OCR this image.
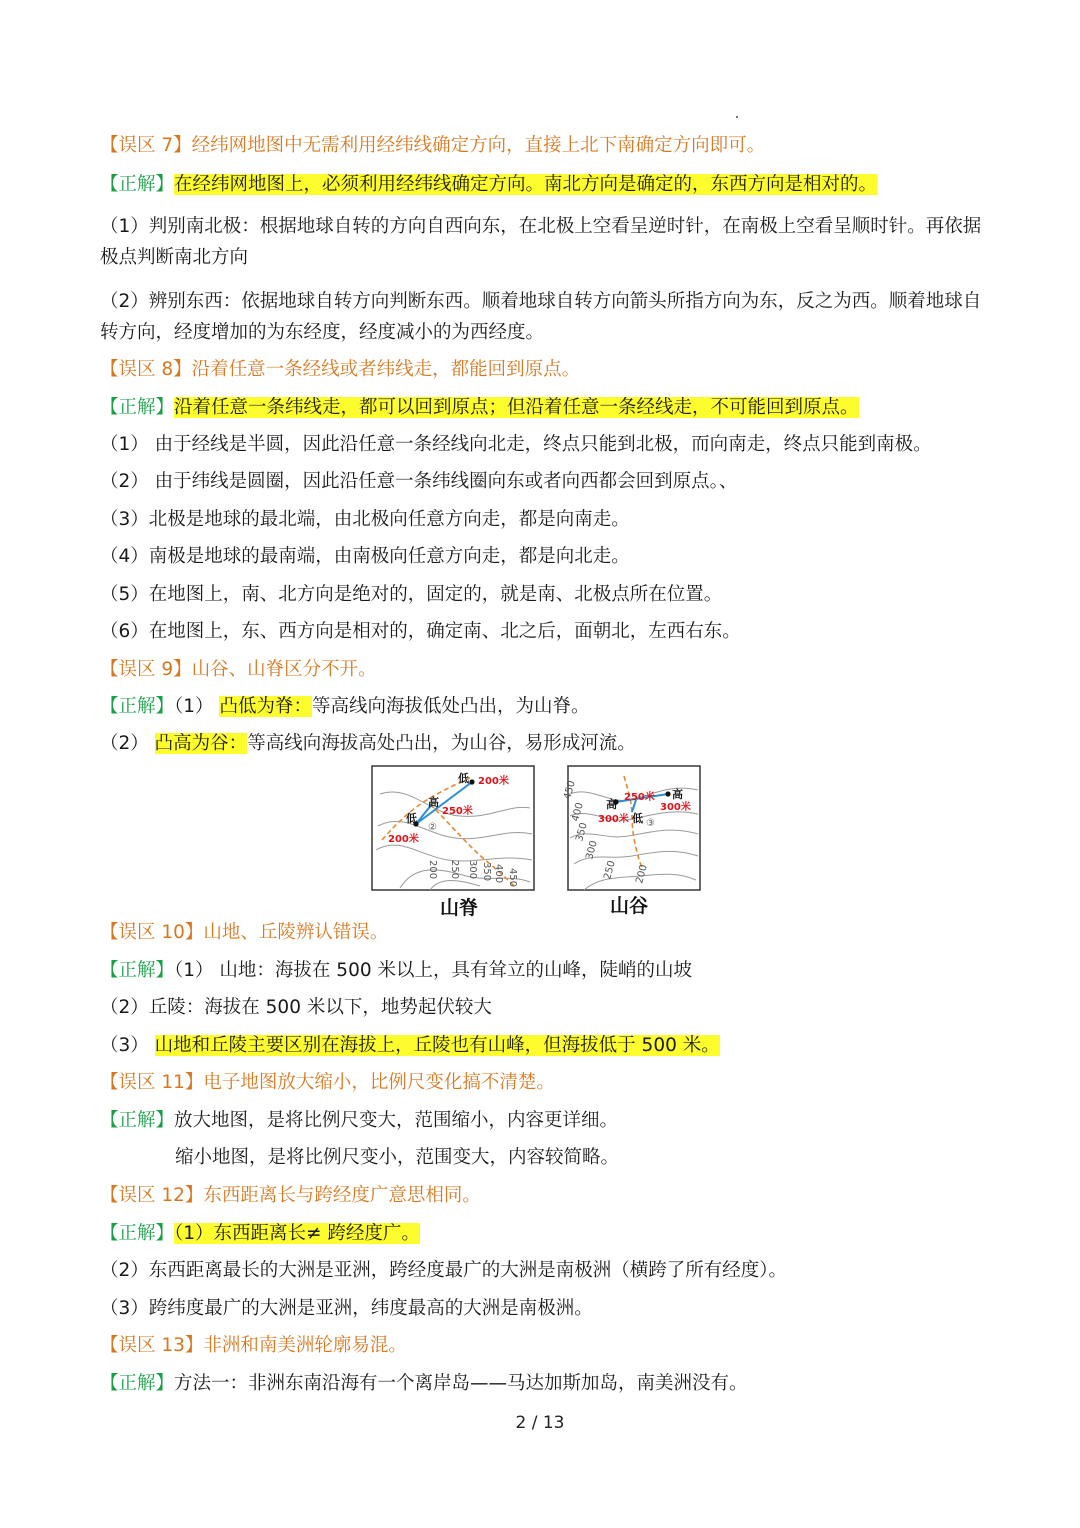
【误区 7】经纬网地图中无需利用经纬线确定方向，直接上北下南确定方向即可。
【正解】在经纬网地图上，必须利用经纬线确定方向。南北方向是确定的，东西方向是相对的。
（1）判别南北极：根据地球自转的方向自西向东，在北极上空看呈逆时针，在南极上空看呈顺时针。再依据极点判断南北方向
（2）辨别东西：依据地球自转方向判断东西。顺着地球自转方向箭头所指方向为东，反之为西。顺着地球自转方向，经度增加的为东经度，经度减小的为西经度。
【误区 8】沿着任意一条经线或者纬线走，都能回到原点。
【正解】沿着任意一条纬线走，都可以回到原点；但沿着任意一条经线走，不可能回到原点。
（1） 由于经线是半圆，因此沿任意一条经线向北走，终点只能到北极，而向南走，终点只能到南极。
（2） 由于纬线是圆圈，因此沿任意一条纬线圈向东或者向西都会回到原点。、
（3）北极是地球的最北端，由北极向任意方向走，都是向南走。
（4）南极是地球的最南端，由南极向任意方向走，都是向北走。
（5）在地图上，南、北方向是绝对的，固定的，就是南、北极点所在位置。
（6）在地图上，东、西方向是相对的，确定南、北之后，面朝北，左西右东。
【误区 9】山谷、山脊区分不开。
【正解】（1） 凸低为脊：等高线向海拔低处凸出，为山脊。
（2） 凸高为谷：等高线向海拔高处凸出，为山谷，易形成河流。
低 200米
高
250米
低
②
200米
200 250 300 350 400 450
山脊
高
250米 高
300米
300米 低 ③
450
400
350
300
250 200
山谷
【误区 10】山地、丘陵辨认错误。
【正解】（1） 山地：海拔在 500 米以上，具有耸立的山峰，陡峭的山坡
（2）丘陵：海拔在 500 米以下，地势起伏较大
（3） 山地和丘陵主要区别在海拔上，丘陵也有山峰，但海拔低于 500 米。
【误区 11】电子地图放大缩小，比例尺变化搞不清楚。
【正解】放大地图，是将比例尺变大，范围缩小，内容更详细。
缩小地图，是将比例尺变小，范围变大，内容较简略。
【误区 12】东西距离长与跨经度广意思相同。
【正解】（1）东西距离长≠ 跨经度广。
（2）东西距离最长的大洲是亚洲，跨经度最广的大洲是南极洲（横跨了所有经度）。
（3）跨纬度最广的大洲是亚洲，纬度最高的大洲是南极洲。
【误区 13】非洲和南美洲轮廓易混。
【正解】方法一：非洲东南沿海有一个离岸岛——马达加斯加岛，南美洲没有。
2 / 13
